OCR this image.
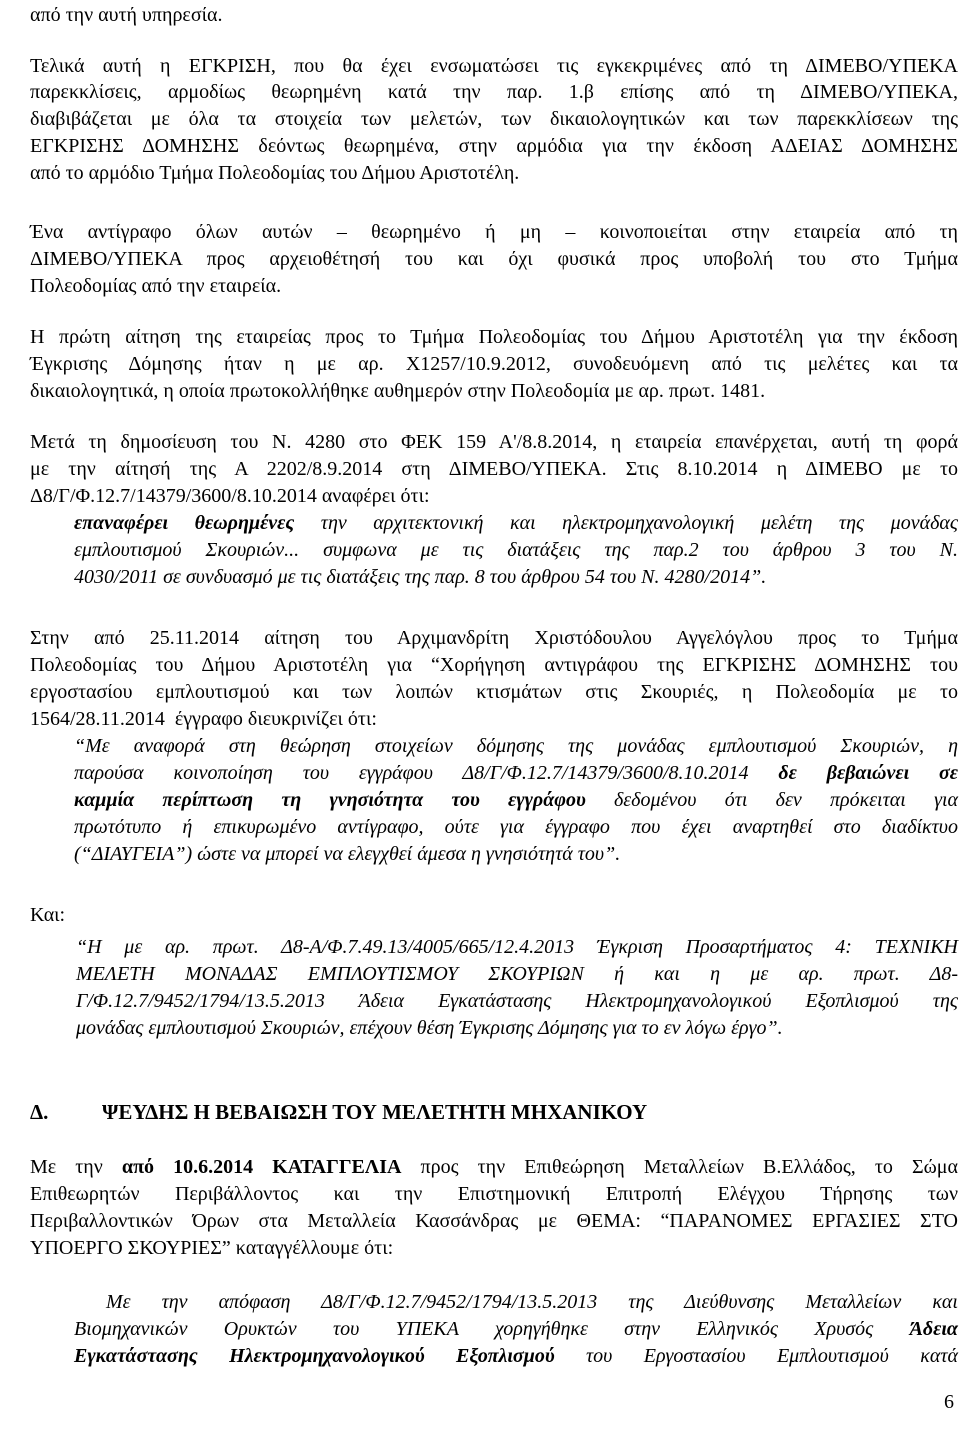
από την αυτή υπηρεσία.
Τελικά αυτή η ΕΓΚΡΙΣΗ, που θα έχει ενσωματώσει τις εγκεκριμένες από τη ΔΙΜΕΒΟ/ΥΠΕΚΑ
παρεκκλίσεις, αρμοδίως θεωρημένη κατά την παρ. 1.β επίσης από τη ΔΙΜΕΒΟ/ΥΠΕΚΑ,
διαβιβάζεται με όλα τα στοιχεία των μελετών, των δικαιολογητικών και των παρεκκλίσεων της
ΕΓΚΡΙΣΗΣ ΔΟΜΗΣΗΣ δεόντως θεωρημένα, στην αρμόδια για την έκδοση ΑΔΕΙΑΣ ΔΟΜΗΣΗΣ
από το αρμόδιο Τμήμα Πολεοδομίας του Δήμου Αριστοτέλη.
Ένα αντίγραφο όλων αυτών – θεωρημένο ή μη – κοινοποιείται στην εταιρεία από τη
ΔΙΜΕΒΟ/ΥΠΕΚΑ προς αρχειοθέτησή του και όχι φυσικά προς υποβολή του στο Τμήμα
Πολεοδομίας από την εταιρεία.
Η πρώτη αίτηση της εταιρείας προς το Τμήμα Πολεοδομίας του Δήμου Αριστοτέλη για την έκδοση
Έγκρισης Δόμησης ήταν η με αρ. Χ1257/10.9.2012, συνοδευόμενη από τις μελέτες και τα
δικαιολογητικά, η οποία πρωτοκολλήθηκε αυθημερόν στην Πολεοδομία με αρ. πρωτ. 1481.
Μετά τη δημοσίευση του Ν. 4280 στο ΦΕΚ 159 Α'/8.8.2014, η εταιρεία επανέρχεται, αυτή τη φορά
με την αίτησή της Α 2202/8.9.2014 στη ΔΙΜΕΒΟ/ΥΠΕΚΑ. Στις 8.10.2014 η ΔΙΜΕΒΟ με το
Δ8/Γ/Φ.12.7/14379/3600/8.10.2014 αναφέρει ότι:
επαναφέρει θεωρημένες την αρχιτεκτονική και ηλεκτρομηχανολογική μελέτη της μονάδας
εμπλουτισμού Σκουριών... συμφωνα με τις διατάξεις της παρ.2 του άρθρου 3 του Ν.
4030/2011 σε συνδυασμό με τις διατάξεις της παρ. 8 του άρθρου 54 του Ν. 4280/2014”.
Στην από 25.11.2014 αίτηση του Αρχιμανδρίτη Χριστόδουλου Αγγελόγλου προς το Τμήμα
Πολεοδομίας του Δήμου Αριστοτέλη για “Χορήγηση αντιγράφου της ΕΓΚΡΙΣΗΣ ΔΟΜΗΣΗΣ του
εργοστασίου εμπλουτισμού και των λοιπών κτισμάτων στις Σκουριές, η Πολεοδομία με το
1564/28.11.2014  έγγραφο διευκρινίζει ότι:
“Με αναφορά στη θεώρηση στοιχείων δόμησης της μονάδας εμπλουτισμού Σκουριών, η
παρούσα κοινοποίηση του εγγράφου Δ8/Γ/Φ.12.7/14379/3600/8.10.2014 δε βεβαιώνει σε
καμμία περίπτωση τη γνησιότητα του εγγράφου δεδομένου ότι δεν πρόκειται για
πρωτότυπο ή επικυρωμένο αντίγραφο, ούτε για έγγραφο που έχει αναρτηθεί στο διαδίκτυο
(“ΔΙΑΥΓΕΙΑ”) ώστε να μπορεί να ελεγχθεί άμεσα η γνησιότητά του”.
Και:
“Η με αρ. πρωτ. Δ8-Α/Φ.7.49.13/4005/665/12.4.2013 Έγκριση Προσαρτήματος 4: ΤΕΧΝΙΚΗ
ΜΕΛΕΤΗ ΜΟΝΑΔΑΣ ΕΜΠΛΟΥΤΙΣΜΟΥ ΣΚΟΥΡΙΩΝ ή και η με αρ. πρωτ. Δ8-
Γ/Φ.12.7/9452/1794/13.5.2013 Άδεια Εγκατάστασης Ηλεκτρομηχανολογικού Εξοπλισμού της
μονάδας εμπλουτισμού Σκουριών, επέχουν θέση Έγκρισης Δόμησης για το εν λόγω έργο”.
Δ.	ΨΕΥΔΗΣ Η ΒΕΒΑΙΩΣΗ ΤΟΥ ΜΕΛΕΤΗΤΗ ΜΗΧΑΝΙΚΟΥ
Με την από 10.6.2014 ΚΑΤΑΓΓΕΛΙΑ προς την Επιθεώρηση Μεταλλείων Β.Ελλάδος, το Σώμα
Επιθεωρητών Περιβάλλοντος και την Επιστημονική Επιτροπή Ελέγχου Τήρησης των
Περιβαλλοντικών Όρων στα Μεταλλεία Κασσάνδρας με ΘΕΜΑ: “ΠΑΡΑΝΟΜΕΣ ΕΡΓΑΣΙΕΣ ΣΤΟ
ΥΠΟΕΡΓΟ ΣΚΟΥΡΙΕΣ” καταγγέλλουμε ότι:
Με την απόφαση Δ8/Γ/Φ.12.7/9452/1794/13.5.2013 της Διεύθυνσης Μεταλλείων και
Βιομηχανικών Ορυκτών του ΥΠΕΚΑ χορηγήθηκε στην Ελληνικός Χρυσός Άδεια
Εγκατάστασης Ηλεκτρομηχανολογικού Εξοπλισμού του Εργοστασίου Εμπλουτισμού κατά
6
